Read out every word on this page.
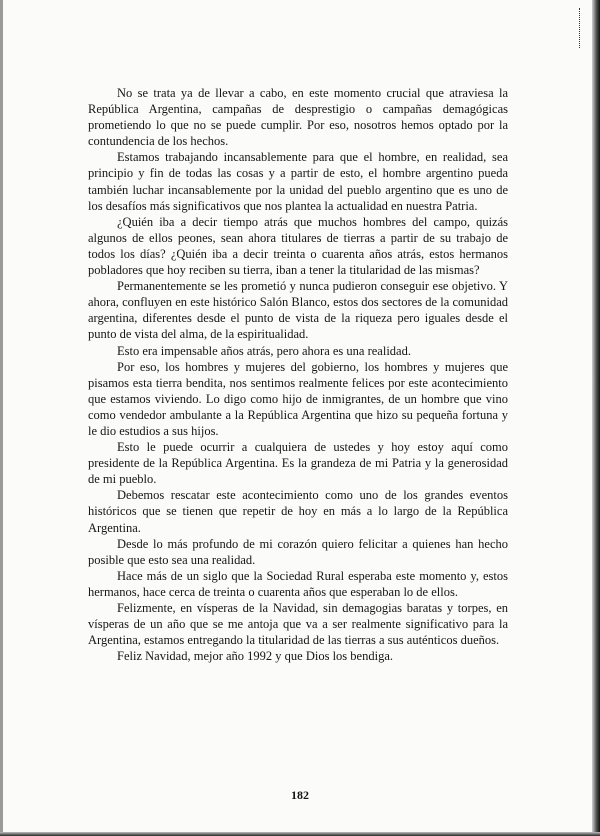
No se trata ya de llevar a cabo, en este momento crucial que atraviesa la República Argentina, campañas de desprestigio o campañas demagógicas prometiendo lo que no se puede cumplir. Por eso, nosotros hemos optado por la contundencia de los hechos.

Estamos trabajando incansablemente para que el hombre, en realidad, sea principio y fin de todas las cosas y a partir de esto, el hombre argentino pueda también luchar incansablemente por la unidad del pueblo argentino que es uno de los desafíos más significativos que nos plantea la actualidad en nuestra Patria.

¿Quién iba a decir tiempo atrás que muchos hombres del campo, quizás algunos de ellos peones, sean ahora titulares de tierras a partir de su trabajo de todos los días? ¿Quién iba a decir treinta o cuarenta años atrás, estos hermanos pobladores que hoy reciben su tierra, iban a tener la titularidad de las mismas?

Permanentemente se les prometió y nunca pudieron conseguir ese objetivo. Y ahora, confluyen en este histórico Salón Blanco, estos dos sectores de la comunidad argentina, diferentes desde el punto de vista de la riqueza pero iguales desde el punto de vista del alma, de la espiritualidad.

Esto era impensable años atrás, pero ahora es una realidad.

Por eso, los hombres y mujeres del gobierno, los hombres y mujeres que pisamos esta tierra bendita, nos sentimos realmente felices por este acontecimiento que estamos viviendo. Lo digo como hijo de inmigrantes, de un hombre que vino como vendedor ambulante a la República Argentina que hizo su pequeña fortuna y le dio estudios a sus hijos.

Esto le puede ocurrir a cualquiera de ustedes y hoy estoy aquí como presidente de la República Argentina. Es la grandeza de mi Patria y la generosidad de mi pueblo.

Debemos rescatar este acontecimiento como uno de los grandes eventos históricos que se tienen que repetir de hoy en más a lo largo de la República Argentina.

Desde lo más profundo de mi corazón quiero felicitar a quienes han hecho posible que esto sea una realidad.

Hace más de un siglo que la Sociedad Rural esperaba este momento y, estos hermanos, hace cerca de treinta o cuarenta años que esperaban lo de ellos.

Felizmente, en vísperas de la Navidad, sin demagogias baratas y torpes, en vísperas de un año que se me antoja que va a ser realmente significativo para la Argentina, estamos entregando la titularidad de las tierras a sus auténticos dueños.

Feliz Navidad, mejor año 1992 y que Dios los bendiga.

182
